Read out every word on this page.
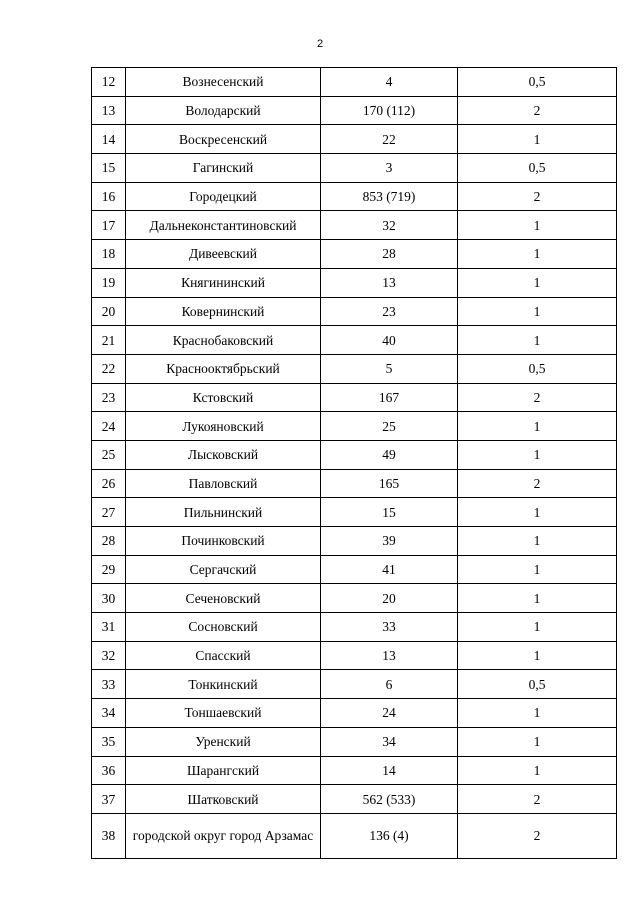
2
12	Вознесенский	4	0,5
13	Володарский	170 (112)	2
14	Воскресенский	22	1
15	Гагинский	3	0,5
16	Городецкий	853 (719)	2
17	Дальнеконстантиновский	32	1
18	Дивеевский	28	1
19	Княгининский	13	1
20	Ковернинский	23	1
21	Краснобаковский	40	1
22	Краснооктябрьский	5	0,5
23	Кстовский	167	2
24	Лукояновский	25	1
25	Лысковский	49	1
26	Павловский	165	2
27	Пильнинский	15	1
28	Починковский	39	1
29	Сергачский	41	1
30	Сеченовский	20	1
31	Сосновский	33	1
32	Спасский	13	1
33	Тонкинский	6	0,5
34	Тоншаевский	24	1
35	Уренский	34	1
36	Шарангский	14	1
37	Шатковский	562 (533)	2
38	городской округ город Арзамас	136 (4)	2
